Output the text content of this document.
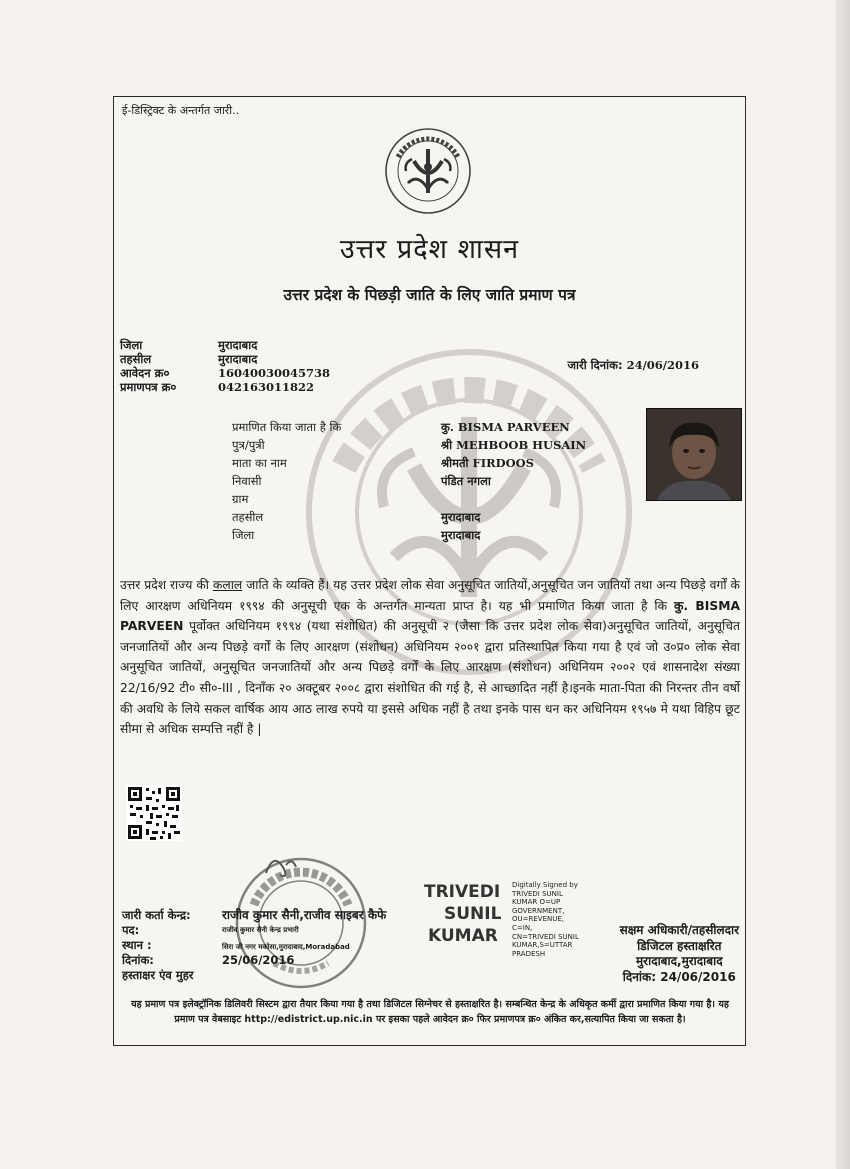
ई-डिस्ट्रिक्ट के अन्तर्गत जारी..
उत्तर प्रदेश शासन
उत्तर प्रदेश के पिछड़ी जाति के लिए जाति प्रमाण पत्र
जिला	मुरादाबाद
तहसील	मुरादाबाद
आवेदन क्र०	16040030045738
प्रमाणपत्र क्र०	042163011822
जारी दिनांक: 24/06/2016
प्रमाणित किया जाता है कि	कु. BISMA PARVEEN
पुत्र/पुत्री	श्री MEHBOOB HUSAIN
माता का नाम	श्रीमती FIRDOOS
निवासी	पंडित नगला
ग्राम
तहसील	मुरादाबाद
जिला	मुरादाबाद
उत्तर प्रदेश राज्य की कलाल जाति के व्यक्ति हैं। यह उत्तर प्रदेश लोक सेवा अनुसूचित जातियों,अनुसूचित जन जातियों तथा अन्य पिछड़े वर्गों के लिए आरक्षण अधिनियम १९९४ की अनुसूची एक के अन्तर्गत मान्यता प्राप्त है। यह भी प्रमाणित किया जाता है कि कु. BISMA PARVEEN पूर्वोक्त अधिनियम १९९४ (यथा संशोधित) की अनुसूची २ (जैसा कि उत्तर प्रदेश लोक सेवा)अनुसूचित जातियों, अनुसूचित जनजातियों और अन्य पिछड़े वर्गों के लिए आरक्षण (संशोधन) अधिनियम २००१ द्वारा प्रतिस्थापित किया गया है एवं जो उ०प्र० लोक सेवा अनुसूचित जातियों, अनुसूचित जनजातियों और अन्य पिछड़े वर्गों के लिए आरक्षण (संशोधन) अधिनियम २००२ एवं शासनादेश संख्या 22/16/92 टी० सी०-III , दिनाँक २० अक्टूबर २००८ द्वारा संशोधित की गई है, से आच्छादित नहीं है।इनके माता-पिता की निरन्तर तीन वर्षो की अवधि के लिये सकल वार्षिक आय आठ लाख रुपये या इससे अधिक नहीं है तथा इनके पास धन कर अधिनियम १९५७ मे यथा विहिप छूट सीमा से अधिक सम्पत्ति नहीं है |
जारी कर्ता केन्द्र:	राजीव कुमार सैनी,राजीव साइबर कैफे
पद:	राजीव कुमार सैनी केन्द्र प्रभारी
स्थान :	सिरा जी नगर मकोसा,मुरादाबाद,Moradabad
दिनांक:	25/06/2016
हस्ताक्षर एंव मुहर
TRIVEDI
SUNIL
KUMAR
Digitally Signed by
TRIVEDI SUNIL
KUMAR O=UP
GOVERNMENT,
OU=REVENUE, C=IN,
CN=TRIVEDI SUNIL
KUMAR,S=UTTAR
PRADESH
सक्षम अधिकारी/तहसीलदार
डिजिटल हस्ताक्षरित
मुरादाबाद,मुरादाबाद
दिनांक: 24/06/2016
यह प्रमाण पत्र इलेक्ट्रॉनिक डिलिवरी सिस्टम द्वारा तैयार किया गया है तथा डिजिटल सिग्नेचर से हस्ताक्षरित है। सम्बन्धित केन्द्र के अधिकृत कर्मी द्वारा प्रमाणित किया गया है। यह प्रमाण पत्र वेबसाइट http://edistrict.up.nic.in पर इसका पहले आवेदन क्र० फिर प्रमाणपत्र क्र० अंकित कर,सत्यापित किया जा सकता है।
